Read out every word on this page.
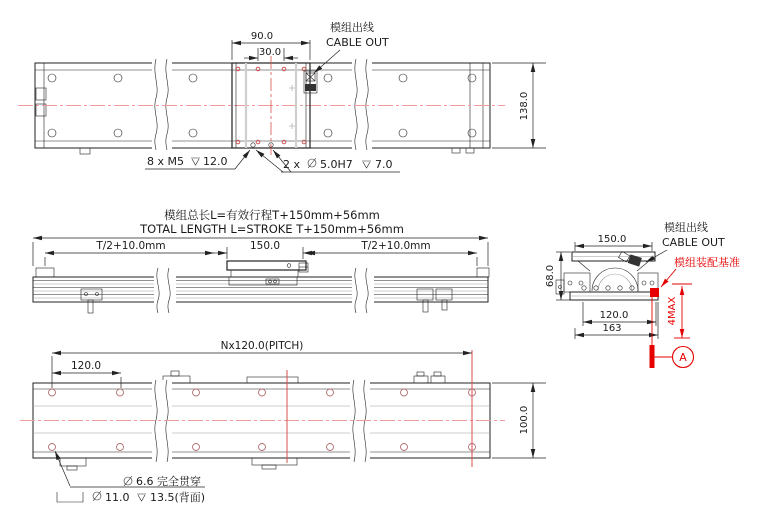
90.0
30.0
模组出线
CABLE OUT
8 x M5 12.0	2 x 5.0H7 7.0
138.0
模组总长L=有效行程T+150mm+56mm
TOTAL LENGTH L=STROKE T+150mm+56mm
T/2+10.0mm	150.0	T/2+10.0mm
Nx120.0(PITCH)
120.0
100.0
6.6 完全贯穿
11.0 13.5(背面)
模组出线
CABLE OUT
150.0
模组装配基准
68.0
120.0
163
4MAX
A
